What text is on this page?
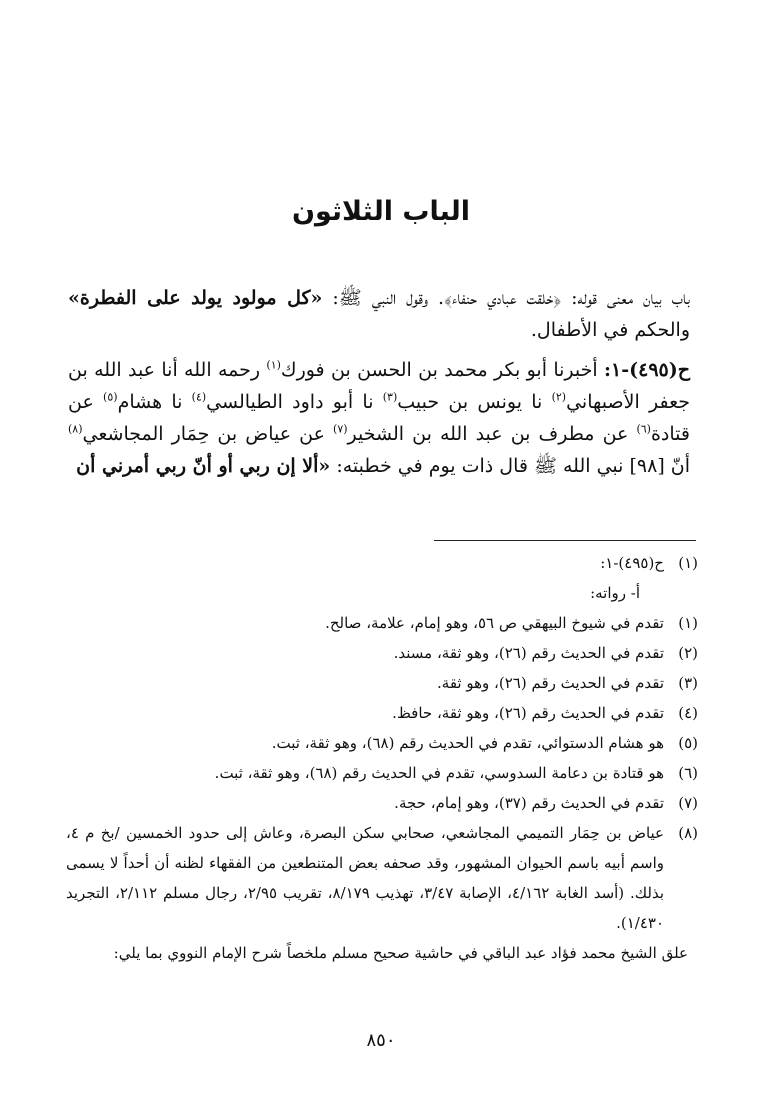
الباب الثلاثون

باب بيان معنى قوله: ﴿خلقت عبادي حنفاء﴾. وقول النبي ﷺ: «كل مولود يولد على الفطرة» والحكم في الأطفال.

ح(٤٩٥)-١: أخبرنا أبو بكر محمد بن الحسن بن فورك$^{(١)}$ رحمه الله أنا عبد الله بن جعفر الأصبهاني$^{(٢)}$ نا يونس بن حبيب$^{(٣)}$ نا أبو داود الطيالسي$^{(٤)}$ نا هشام$^{(٥)}$ عن قتادة$^{(٦)}$ عن مطرف بن عبد الله بن الشخير$^{(٧)}$ عن عياض بن حِمَار المجاشعي$^{(٨)}$ أنّ [٩٨] نبي الله ﷺ قال ذات يوم في خطبته: «ألا إن ربي أو أنّ ربي أمرني أن

(١)
ح(٤٩٥)-١:
أ- رواته:
(١)
تقدم في شيوخ البيهقي ص ٥٦، وهو إمام، علامة، صالح.
(٢)
تقدم في الحديث رقم (٢٦)، وهو ثقة، مسند.
(٣)
تقدم في الحديث رقم (٢٦)، وهو ثقة.
(٤)
تقدم في الحديث رقم (٢٦)، وهو ثقة، حافظ.
(٥)
هو هشام الدستوائي، تقدم في الحديث رقم (٦٨)، وهو ثقة، ثبت.
(٦)
هو قتادة بن دعامة السدوسي، تقدم في الحديث رقم (٦٨)، وهو ثقة، ثبت.
(٧)
تقدم في الحديث رقم (٣٧)، وهو إمام، حجة.
(٨)
عياض بن حِمَار التميمي المجاشعي، صحابي سكن البصرة، وعاش إلى حدود الخمسين /بخ م ٤، واسم أبيه باسم الحيوان المشهور، وقد صحفه بعض المتنطعين من الفقهاء لظنه أن أحداً لا يسمى بذلك. (أسد الغابة ٤/١٦٢، الإصابة ٣/٤٧، تهذيب ٨/١٧٩، تقريب ٢/٩٥، رجال مسلم ٢/١١٢، التجريد ١/٤٣٠).
علق الشيخ محمد فؤاد عبد الباقي في حاشية صحيح مسلم ملخصاً شرح الإمام النووي بما يلي:
٨٥٠
